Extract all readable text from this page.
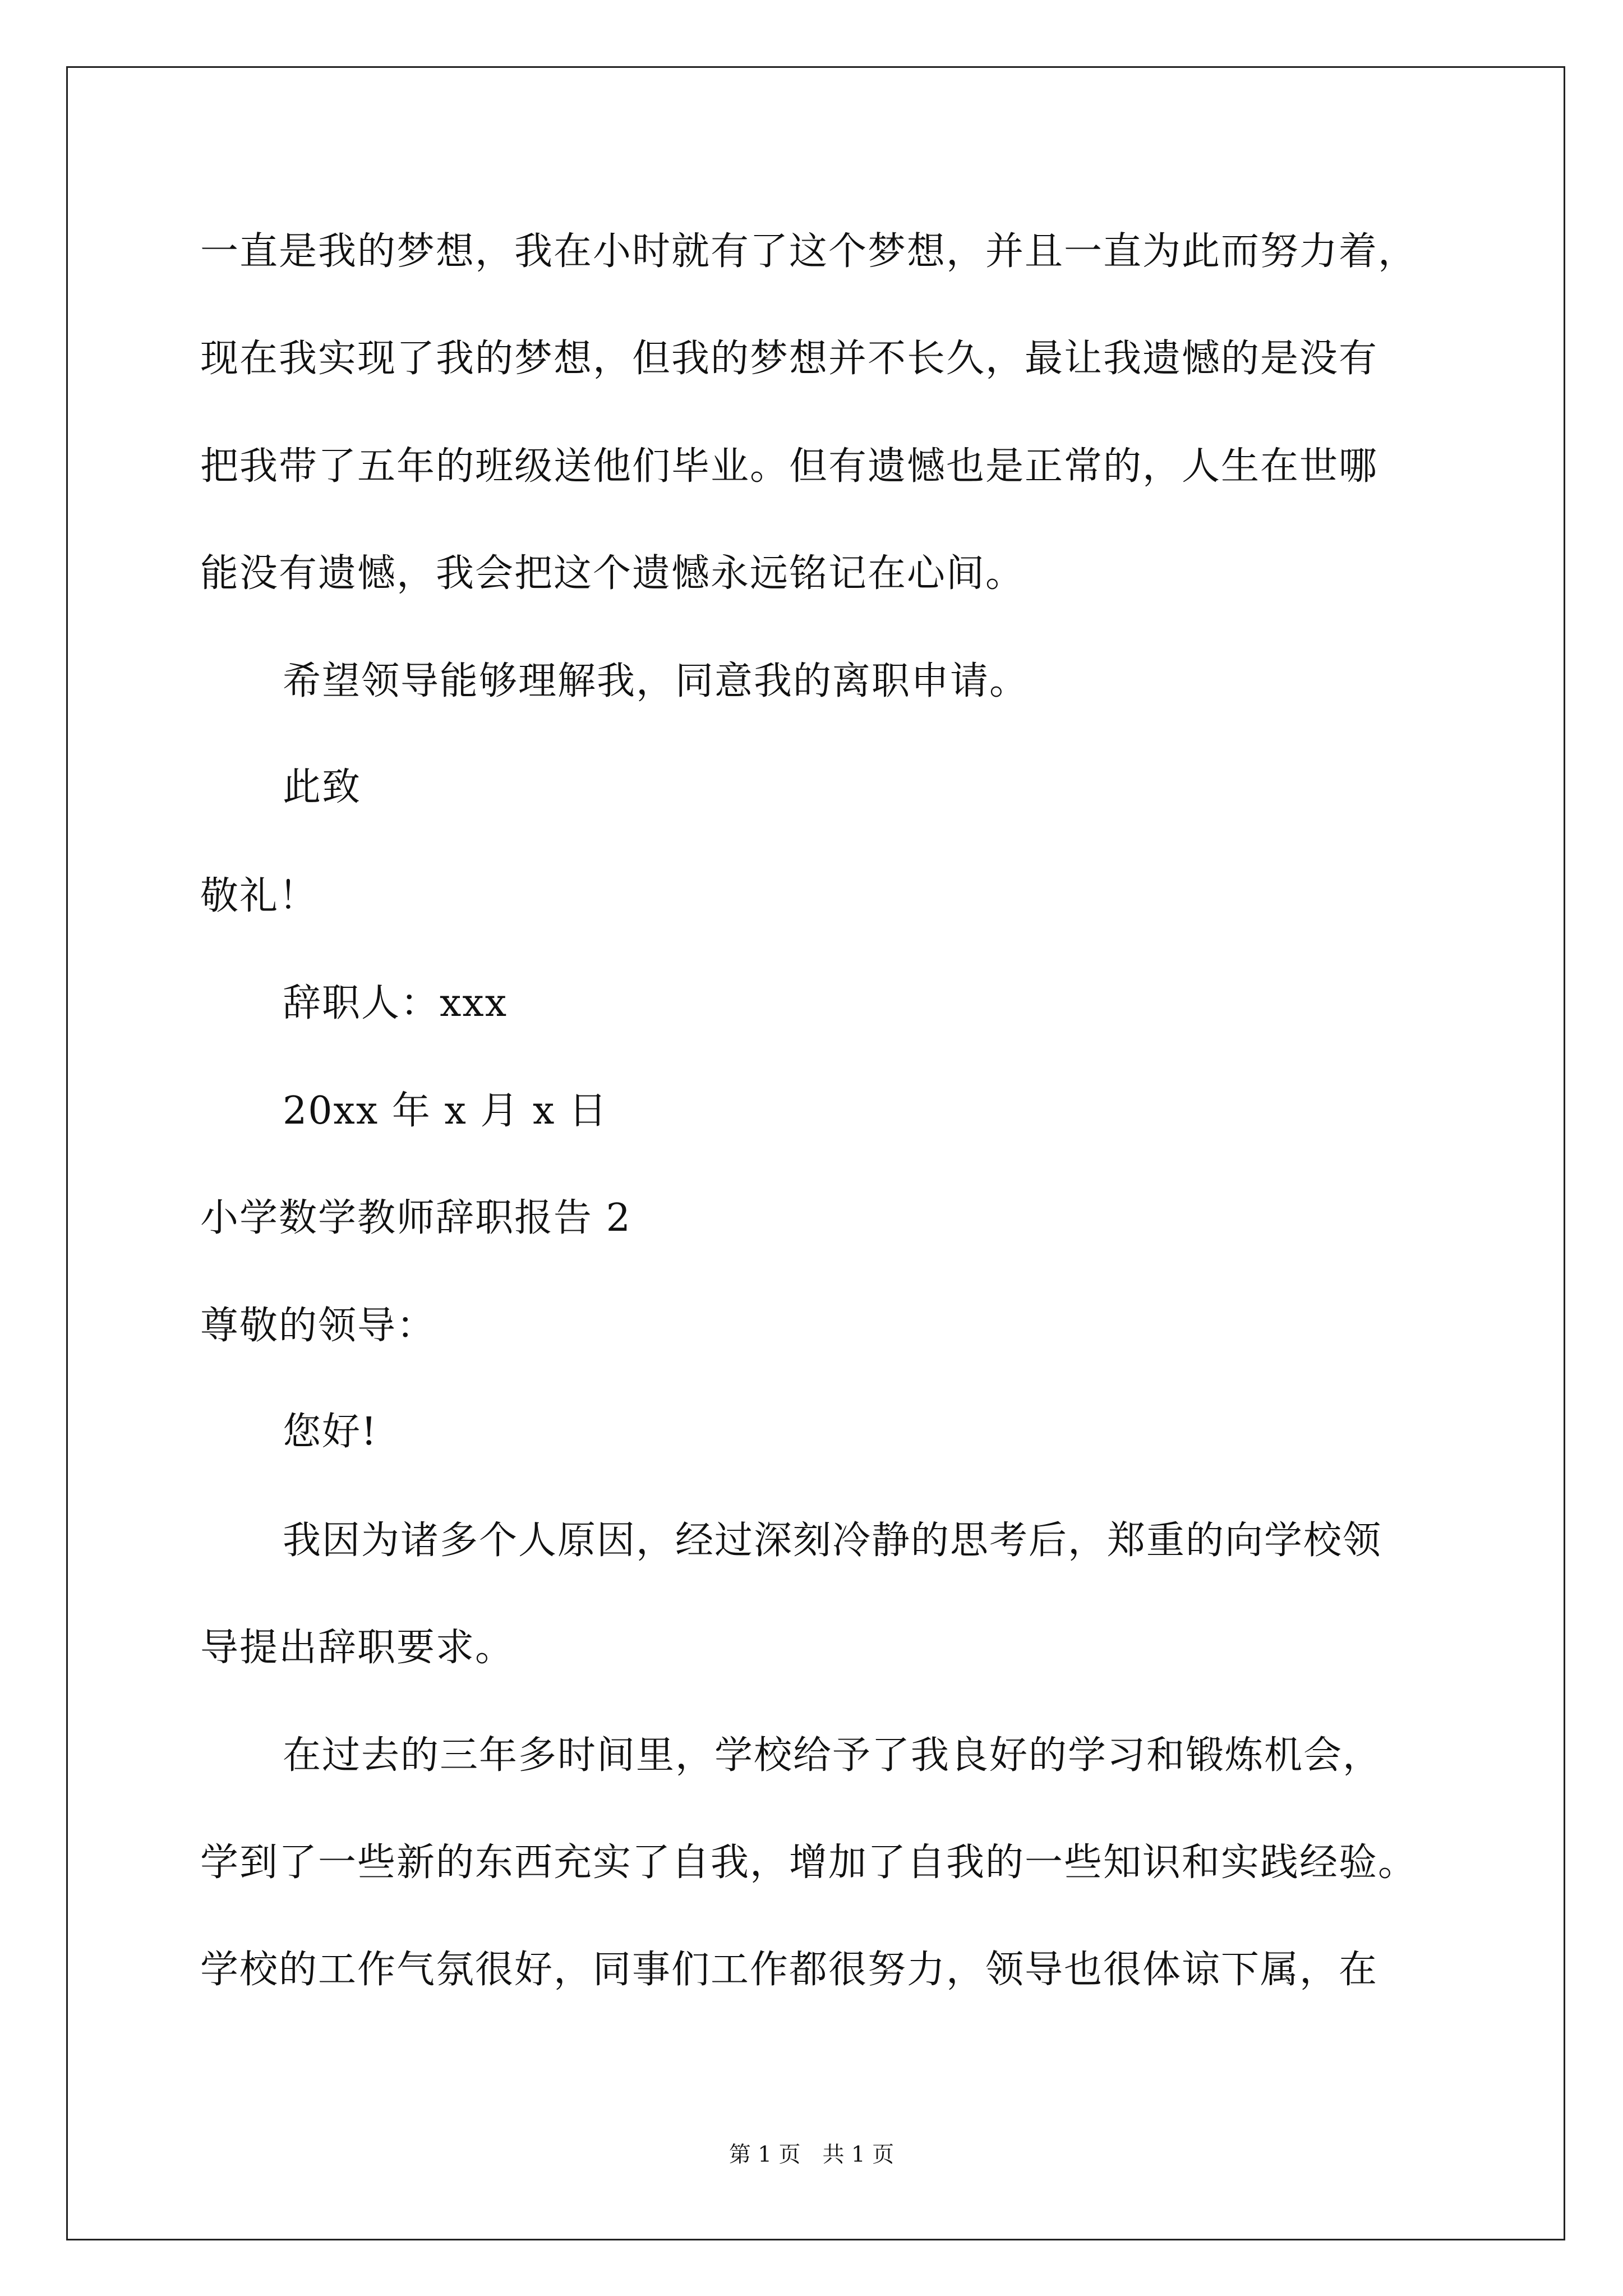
一直是我的梦想，我在小时就有了这个梦想，并且一直为此而努力着，
现在我实现了我的梦想，但我的梦想并不长久，最让我遗憾的是没有
把我带了五年的班级送他们毕业。但有遗憾也是正常的，人生在世哪
能没有遗憾，我会把这个遗憾永远铭记在心间。
希望领导能够理解我，同意我的离职申请。
此致
敬礼！
辞职人：xxx
20xx 年 x 月 x 日
小学数学教师辞职报告 2
尊敬的领导：
您好!
我因为诸多个人原因，经过深刻冷静的思考后，郑重的向学校领
导提出辞职要求。
在过去的三年多时间里，学校给予了我良好的学习和锻炼机会，
学到了一些新的东西充实了自我，增加了自我的一些知识和实践经验。
学校的工作气氛很好，同事们工作都很努力，领导也很体谅下属，在
第 1 页　共 1 页
